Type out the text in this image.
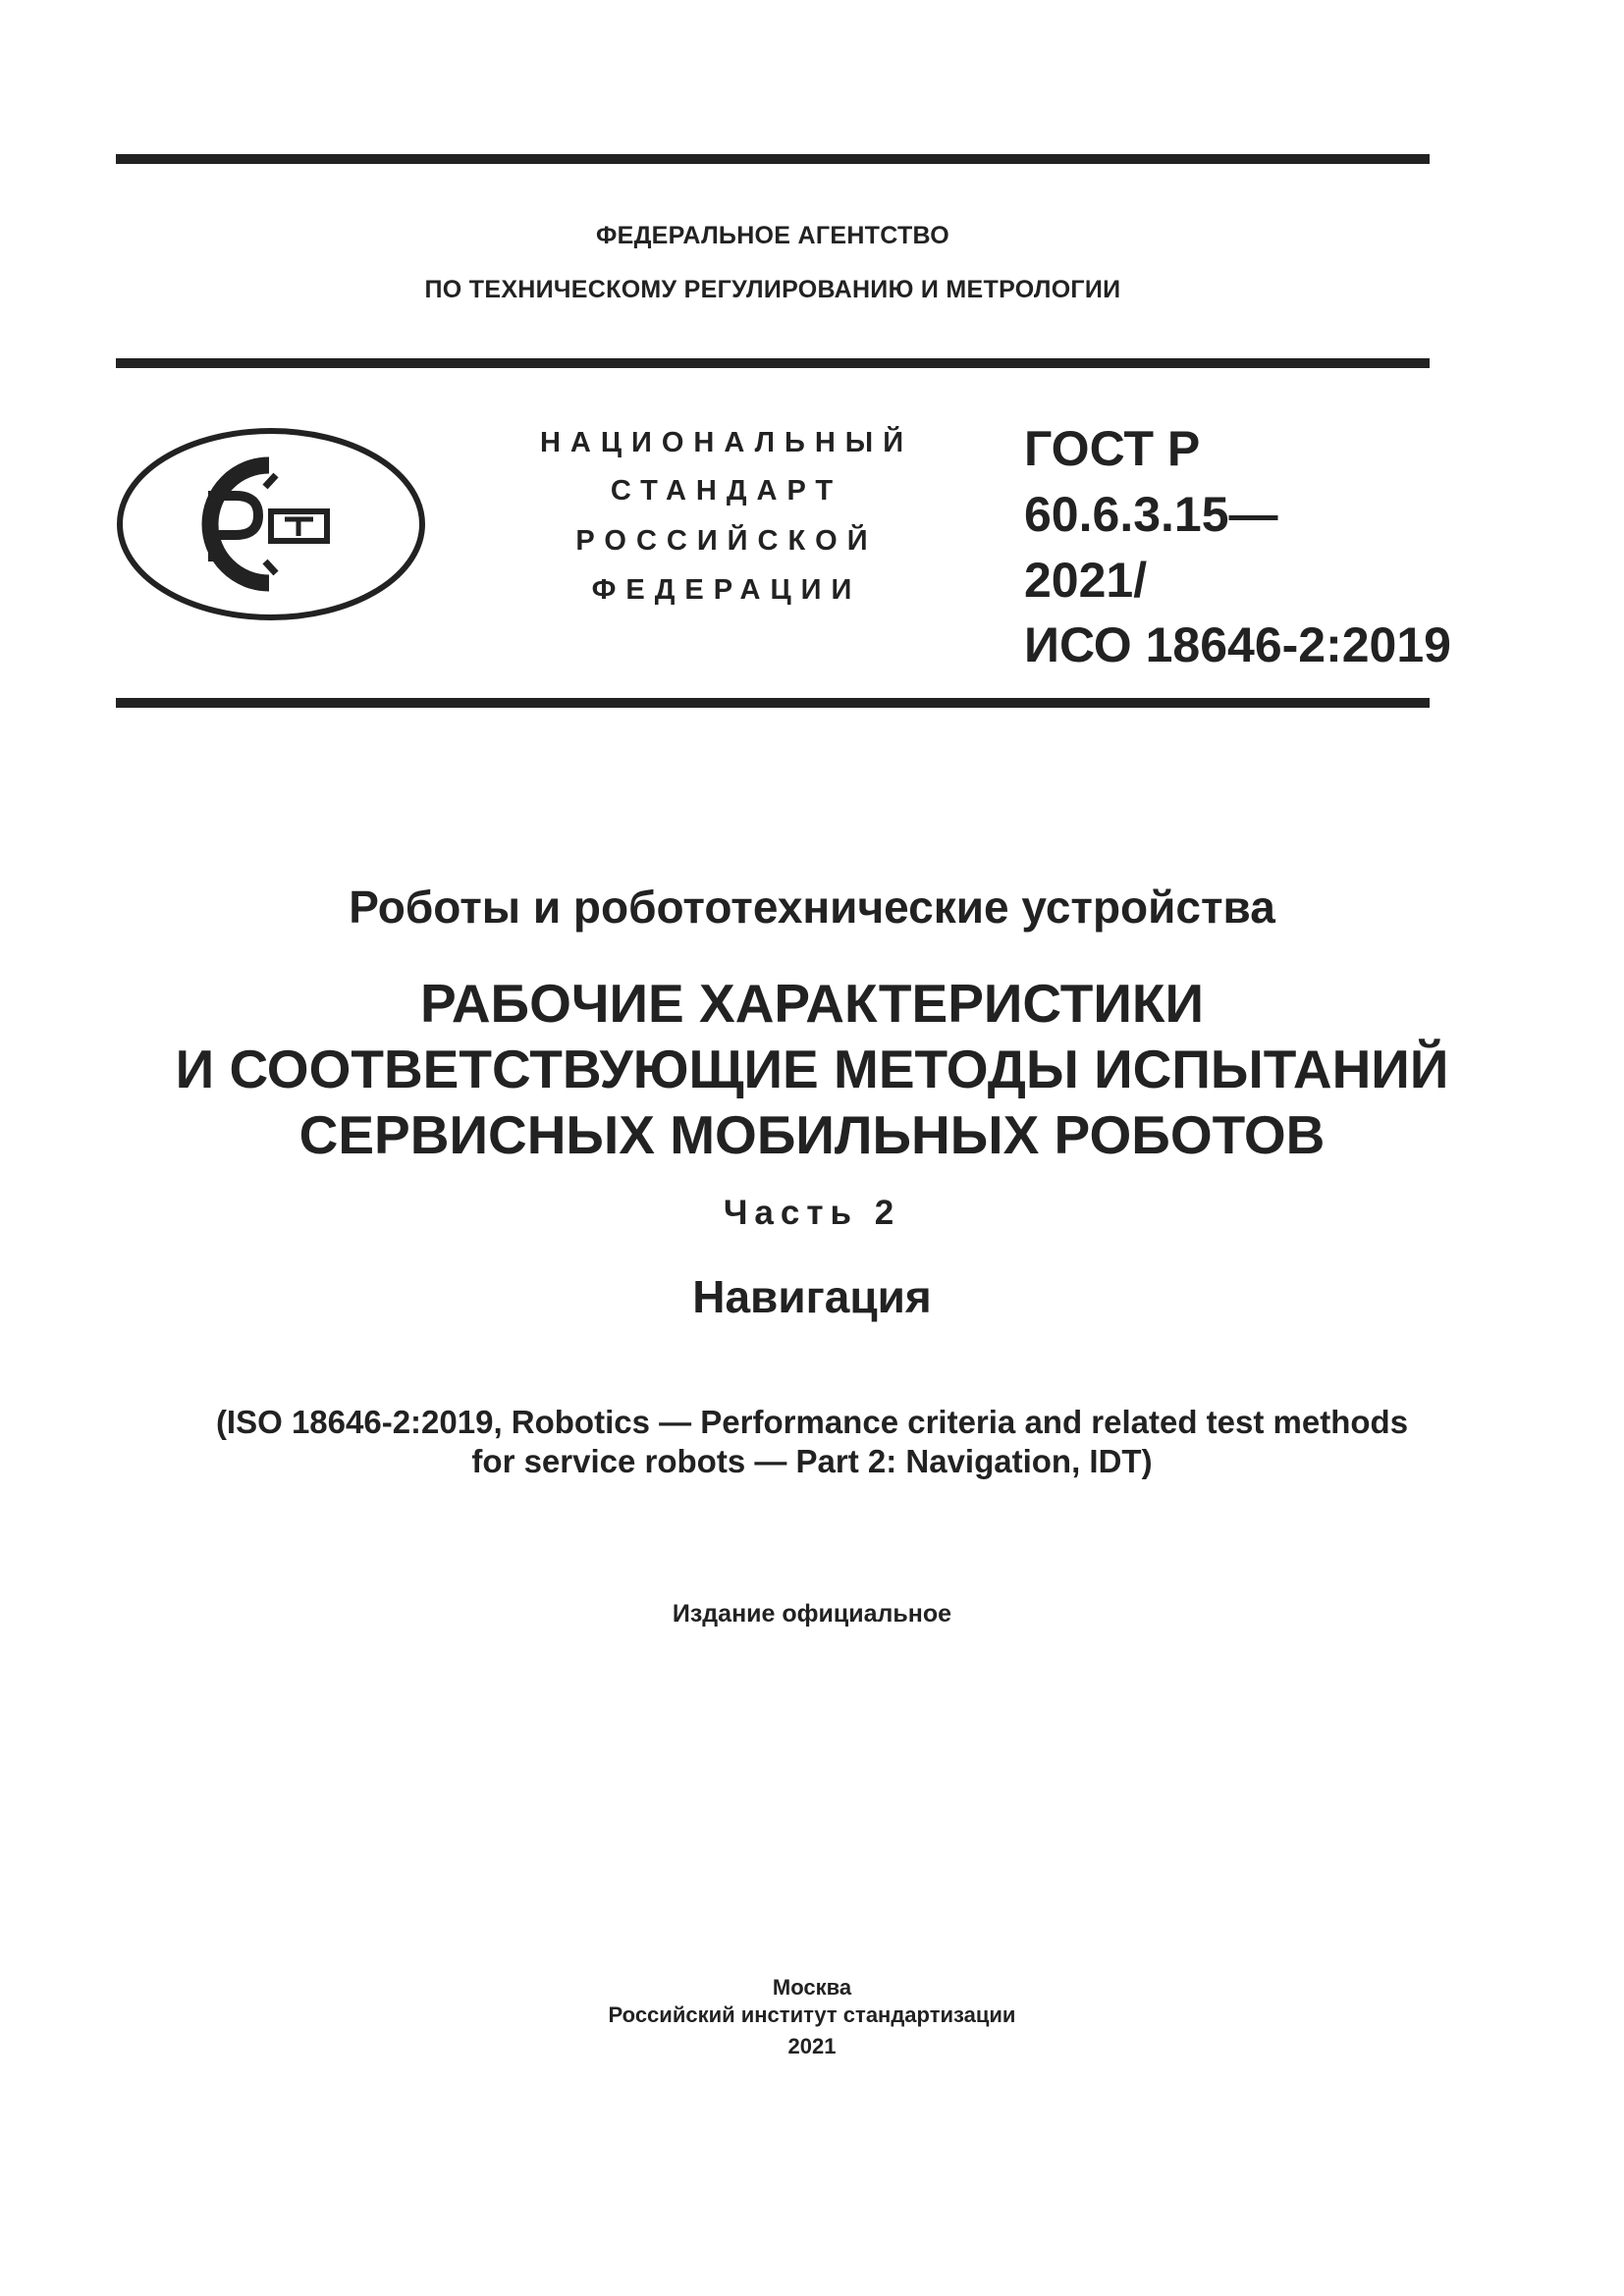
ФЕДЕРАЛЬНОЕ АГЕНТСТВО
ПО ТЕХНИЧЕСКОМУ РЕГУЛИРОВАНИЮ И МЕТРОЛОГИИ
НАЦИОНАЛЬНЫЙ
СТАНДАРТ
РОССИЙСКОЙ
ФЕДЕРАЦИИ
ГОСТ Р
60.6.3.15—
2021/
ИСО 18646-2:2019
Роботы и робототехнические устройства
РАБОЧИЕ ХАРАКТЕРИСТИКИ
И СООТВЕТСТВУЮЩИЕ МЕТОДЫ ИСПЫТАНИЙ
СЕРВИСНЫХ МОБИЛЬНЫХ РОБОТОВ
Часть 2
Навигация
(ISO 18646-2:2019, Robotics — Performance criteria and related test methods
for service robots — Part 2: Navigation, IDT)
Издание официальное
Москва
Российский институт стандартизации
2021
